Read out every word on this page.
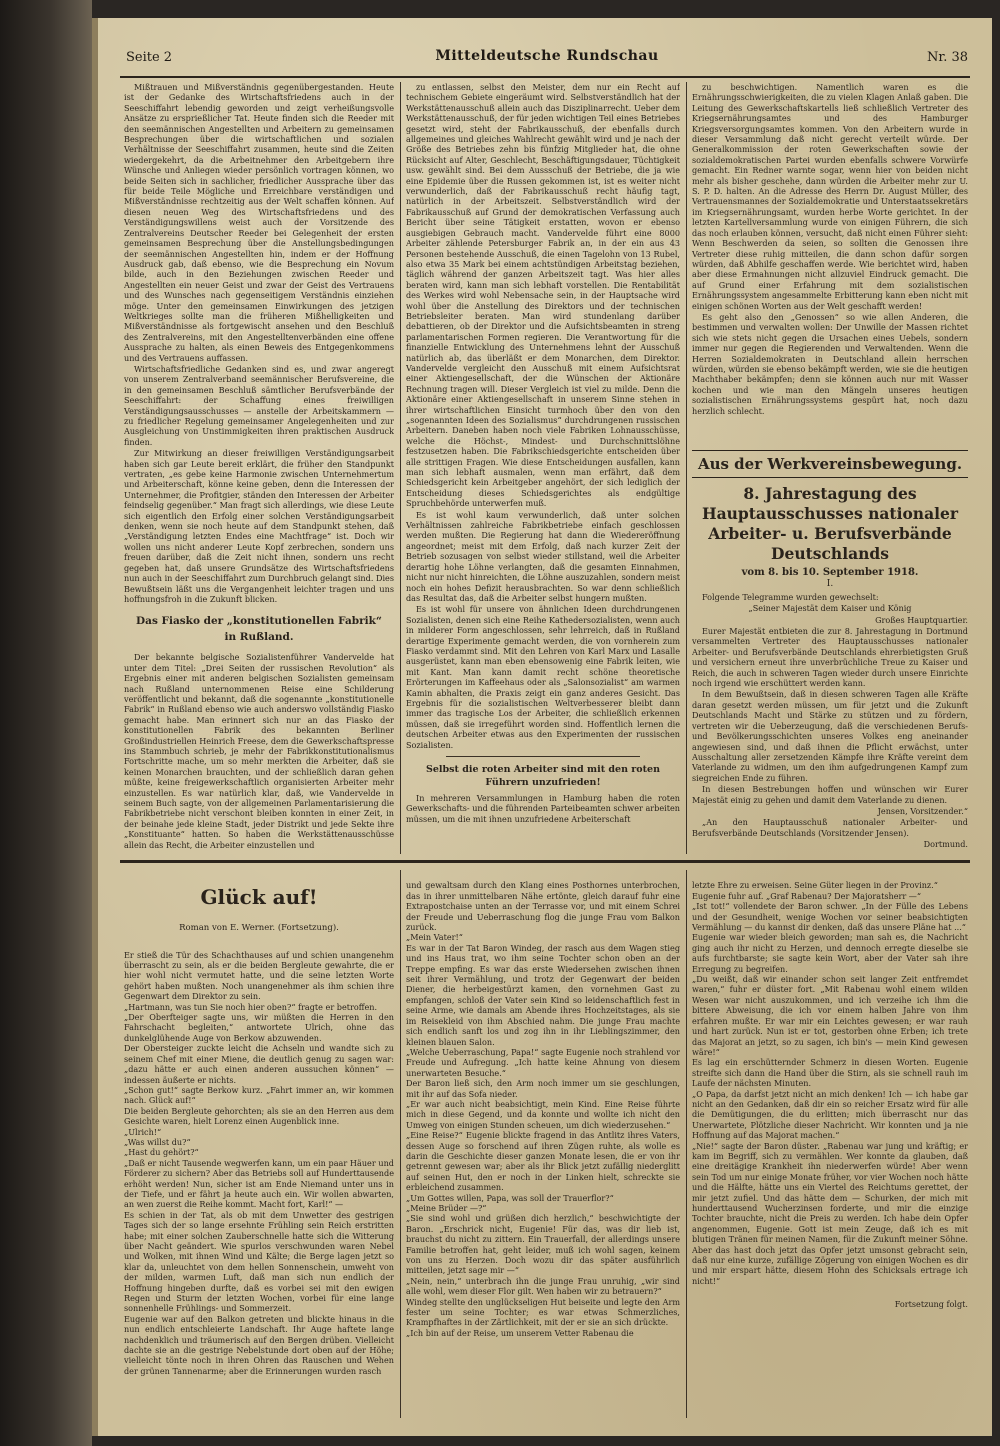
Seite 2	Mitteldeutsche Rundschau	Nr. 38

Mißtrauen und Mißverständnis gegenübergestanden. Heute ist der Gedanke des Wirtschaftsfriedens auch in der Seeschiffahrt lebendig geworden und zeigt verheißungsvolle Ansätze zu ersprießlicher Tat. Heute finden sich die Reeder mit den seemännischen Angestellten und Arbeitern zu gemeinsamen Besprechungen über die wirtschaftlichen und sozialen Verhältnisse der Seeschiffahrt zusammen, heute sind die Zeiten wiedergekehrt, da die Arbeitnehmer den Arbeitgebern ihre Wünsche und Anliegen wieder persönlich vortragen können, wo beide Seiten sich in sachlicher, friedlicher Aussprache über das für beide Teile Mögliche und Erreichbare verständigen und Mißverständnisse rechtzeitig aus der Welt schaffen können. Auf diesen neuen Weg des Wirtschaftsfriedens und des Verständigungswillens weist auch der Vorsitzende des Zentralvereins Deutscher Reeder bei Gelegenheit der ersten gemeinsamen Besprechung über die Anstellungsbedingungen der seemännischen Angestellten hin, indem er der Hoffnung Ausdruck gab, daß ebenso, wie die Besprechung ein Novum bilde, auch in den Beziehungen zwischen Reeder und Angestellten ein neuer Geist und zwar der Geist des Vertrauens und des Wunsches nach gegenseitigem Verständnis einziehen möge. Unter den gemeinsamen Einwirkungen des jetzigen Weltkrieges sollte man die früheren Mißhelligkeiten und Mißverständnisse als fortgewischt ansehen und den Beschluß des Zentralvereins, mit den Angestelltenverbänden eine offene Aussprache zu halten, als einen Beweis des Entgegenkommens und des Vertrauens auffassen.

Wirtschaftsfriedliche Gedanken sind es, und zwar angeregt von unserem Zentralverband seemännischer Berufsvereine, die in den gemeinsamen Beschluß sämtlicher Berufsverbände der Seeschiffahrt: der Schaffung eines freiwilligen Verständigungsausschusses — anstelle der Arbeitskammern — zu friedlicher Regelung gemeinsamer Angelegenheiten und zur Ausgleichung von Unstimmigkeiten ihren praktischen Ausdruck finden.

Zur Mitwirkung an dieser freiwilligen Verständigungsarbeit haben sich gar Leute bereit erklärt, die früher den Standpunkt vertraten, „es gebe keine Harmonie zwischen Unternehmertum und Arbeiterschaft, könne keine geben, denn die Interessen der Unternehmer, die Profitgier, ständen den Interessen der Arbeiter feindselig gegenüber.“ Man fragt sich allerdings, wie diese Leute sich eigentlich den Erfolg einer solchen Verständigungsarbeit denken, wenn sie noch heute auf dem Standpunkt stehen, daß „Verständigung letzten Endes eine Machtfrage“ ist. Doch wir wollen uns nicht anderer Leute Kopf zerbrechen, sondern uns freuen darüber, daß die Zeit nicht ihnen, sondern uns recht gegeben hat, daß unsere Grundsätze des Wirtschaftsfriedens nun auch in der Seeschiffahrt zum Durchbruch gelangt sind. Dies Bewußtsein läßt uns die Vergangenheit leichter tragen und uns hoffnungsfroh in die Zukunft blicken.

Das Fiasko der „konstitutionellen Fabrik“
in Rußland.

Der bekannte belgische Sozialistenführer Vandervelde hat unter dem Titel: „Drei Seiten der russischen Revolution“ als Ergebnis einer mit anderen belgischen Sozialisten gemeinsam nach Rußland unternommenen Reise eine Schilderung veröffentlicht und bekannt, daß die sogenannte „konstitutionelle Fabrik“ in Rußland ebenso wie auch anderswo vollständig Fiasko gemacht habe. Man erinnert sich nur an das Fiasko der konstitutionellen Fabrik des bekannten Berliner Großindustriellen Heinrich Freese, dem die Gewerkschaftspresse ins Stammbuch schrieb, je mehr der Fabrikkonstitutionalismus Fortschritte mache, um so mehr merkten die Arbeiter, daß sie keinen Monarchen brauchten, und der schließlich daran gehen müßte, keine freigewerkschaftlich organisierten Arbeiter mehr einzustellen. Es war natürlich klar, daß, wie Vandervelde in seinem Buch sagte, von der allgemeinen Parlamentarisierung die Fabrikbetriebe nicht verschont bleiben konnten in einer Zeit, in der beinahe jede kleine Stadt, jeder Distrikt und jede Sekte ihre „Konstituante“ hatten. So haben die Werkstättenausschüsse allein das Recht, die Arbeiter einzustellen und

zu entlassen, selbst den Meister, dem nur ein Recht auf technischem Gebiete eingeräumt wird. Selbstverständlich hat der Werkstättenausschuß allein auch das Disziplinarrecht. Ueber dem Werkstättenausschuß, der für jeden wichtigen Teil eines Betriebes gesetzt wird, steht der Fabrikausschuß, der ebenfalls durch allgemeines und gleiches Wahlrecht gewählt wird und je nach der Größe des Betriebes zehn bis fünfzig Mitglieder hat, die ohne Rücksicht auf Alter, Geschlecht, Beschäftigungsdauer, Tüchtigkeit usw. gewählt sind. Bei dem Aussschuß der Betriebe, die ja wie eine Epidemie über die Russen gekommen ist, ist es weiter nicht verwunderlich, daß der Fabrikausschuß recht häufig tagt, natürlich in der Arbeitszeit. Selbstverständlich wird der Fabrikausschuß auf Grund der demokratischen Verfassung auch Bericht über seine Tätigkeit erstatten, wovon er ebenso ausgiebigen Gebrauch macht. Vandervelde führt eine 8000 Arbeiter zählende Petersburger Fabrik an, in der ein aus 43 Personen bestehende Ausschuß, die einen Tagelohn von 13 Rubel, also etwa 35 Mark bei einem achtstündigen Arbeitstag beziehen, täglich während der ganzen Arbeitszeit tagt. Was hier alles beraten wird, kann man sich lebhaft vorstellen. Die Rentabilität des Werkes wird wohl Nebensache sein, in der Hauptsache wird wohl über die Anstellung des Direktors und der technischen Betriebsleiter beraten. Man wird stundenlang darüber debattieren, ob der Direktor und die Aufsichtsbeamten in streng parlamentarischen Formen regieren. Die Verantwortung für die finanzielle Entwicklung des Unternehmens lehnt der Ausschuß natürlich ab, das überläßt er dem Monarchen, dem Direktor. Vandervelde vergleicht den Ausschuß mit einem Aufsichtsrat einer Aktiengesellschaft, der die Wünschen der Aktionäre Rechnung tragen will. Dieser Vergleich ist viel zu milde. Denn die Aktionäre einer Aktiengesellschaft in unserem Sinne stehen in ihrer wirtschaftlichen Einsicht turmhoch über den von den „sogenannten Ideen des Sozialismus“ durchdrungenen russischen Arbeitern. Daneben haben noch viele Fabriken Lohnausschüsse, welche die Höchst-, Mindest- und Durchschnittslöhne festzusetzen haben. Die Fabrikschiedsgerichte entscheiden über alle strittigen Fragen. Wie diese Entscheidungen ausfallen, kann man sich lebhaft ausmalen, wenn man erfährt, daß dem Schiedsgericht kein Arbeitgeber angehört, der sich lediglich der Entscheidung dieses Schiedsgerichtes als endgültige Spruchbehörde unterwerfen muß.

Es ist wohl kaum verwunderlich, daß unter solchen Verhältnissen zahlreiche Fabrikbetriebe einfach geschlossen werden mußten. Die Regierung hat dann die Wiedereröffnung angeordnet; meist mit dem Erfolg, daß nach kurzer Zeit der Betrieb sozusagen von selbst wieder stillstand, weil die Arbeiter derartig hohe Löhne verlangten, daß die gesamten Einnahmen, nicht nur nicht hinreichten, die Löhne auszuzahlen, sondern meist noch ein hohes Defizit herausbrachten. So war denn schließlich das Resultat das, daß die Arbeiter selbst hungern mußten.

Es ist wohl für unsere von ähnlichen Ideen durchdrungenen Sozialisten, denen sich eine Reihe Kathedersozialisten, wenn auch in milderer Form angeschlossen, sehr lehrreich, daß in Rußland derartige Experimente gemacht werden, die von vornherein zum Fiasko verdammt sind. Mit den Lehren von Karl Marx und Lasalle ausgerüstet, kann man eben ebensowenig eine Fabrik leiten, wie mit Kant. Man kann damit recht schöne theoretische Erörterungen im Kaffeehaus oder als „Salonsozialist“ am warmen Kamin abhalten, die Praxis zeigt ein ganz anderes Gesicht. Das Ergebnis für die sozialistischen Weltverbesserer bleibt dann immer das tragische Los der Arbeiter, die schließlich erkennen müssen, daß sie irregeführt worden sind. Hoffentlich lernen die deutschen Arbeiter etwas aus den Experimenten der russischen Sozialisten.

Selbst die roten Arbeiter sind mit den roten Führern unzufrieden!

In mehreren Versammlungen in Hamburg haben die roten Gewerkschafts- und die führenden Parteibeamten schwer arbeiten müssen, um die mit ihnen unzufriedene Arbeiterschaft

zu beschwichtigen. Namentlich waren es die Ernährungsschwierigkeiten, die zu vielen Klagen Anlaß gaben. Die Leitung des Gewerkschaftskartells ließ schließlich Vertreter des Kriegsernährungsamtes und des Hamburger Kriegsversorgungsamtes kommen. Von den Arbeitern wurde in dieser Versammlung daß nicht gerecht verteilt würde. Der Generalkommission der roten Gewerkschaften sowie der sozialdemokratischen Partei wurden ebenfalls schwere Vorwürfe gemacht. Ein Redner warnte sogar, wenn hier von beiden nicht mehr als bisher geschehe, dann würden die Arbeiter mehr zur U. S. P. D. halten. An die Adresse des Herrn Dr. August Müller, des Vertrauensmannes der Sozialdemokratie und Unterstaatssekretärs im Kriegsernährungsamt, wurden herbe Worte gerichtet. In der letzten Kartellversammlung wurde von einigen Führern, die sich das noch erlauben können, versucht, daß nicht einen Führer sieht: Wenn Beschwerden da seien, so sollten die Genossen ihre Vertreter diese ruhig mitteilen, die dann schon dafür sorgen würden, daß Abhilfe geschaffen werde. Wie berichtet wird, haben aber diese Ermahnungen nicht allzuviel Eindruck gemacht. Die auf Grund einer Erfahrung mit dem sozialistischen Ernährungssystem angesammelte Erbitterung kann eben nicht mit einigen schönen Worten aus der Welt geschafft werden!

Es geht also den „Genossen“ so wie allen Anderen, die bestimmen und verwalten wollen: Der Unwille der Massen richtet sich wie stets nicht gegen die Ursachen eines Uebels, sondern immer nur gegen die Regierenden und Verwaltenden. Wenn die Herren Sozialdemokraten in Deutschland allein herrschen würden, würden sie ebenso bekämpft werden, wie sie die heutigen Machthaber bekämpfen; denn sie können auch nur mit Wasser kochen und wie man den Mängeln unseres heutigen sozialistischen Ernährungssystems gespürt hat, noch dazu herzlich schlecht.

Aus der Werkvereinsbewegung.
8. Jahrestagung des Hauptausschusses nationaler Arbeiter- u. Berufsverbände Deutschlands
vom 8. bis 10. September 1918.
I.

Folgende Telegramme wurden gewechselt:

„Seiner Majestät dem Kaiser und König

Großes Hauptquartier.

Eurer Majestät entbieten die zur 8. Jahrestagung in Dortmund versammelten Vertreter des Hauptausschusses nationaler Arbeiter- und Berufsverbände Deutschlands ehrerbietigsten Gruß und versichern erneut ihre unverbrüchliche Treue zu Kaiser und Reich, die auch in schweren Tagen wieder durch unsere Einrichte noch irgend wie erschüttert werden kann.

In dem Bewußtsein, daß in diesen schweren Tagen alle Kräfte daran gesetzt werden müssen, um für jetzt und die Zukunft Deutschlands Macht und Stärke zu stützen und zu fördern, vertreten wir die Ueberzeugung, daß die verschiedenen Berufs- und Bevölkerungsschichten unseres Volkes eng aneinander angewiesen sind, und daß ihnen die Pflicht erwächst, unter Ausschaltung aller zersetzenden Kämpfe ihre Kräfte vereint dem Vaterlande zu widmen, um den ihm aufgedrungenen Kampf zum siegreichen Ende zu führen.

In diesen Bestrebungen hoffen und wünschen wir Eurer Majestät einig zu gehen und damit dem Vaterlande zu dienen.

Jensen, Vorsitzender.“

„An den Hauptausschuß nationaler Arbeiter- und Berufsverbände Deutschlands (Vorsitzender Jensen).

Dortmund.

Glück auf!

Roman von E. Werner. (Fortsetzung).

Er stieß die Tür des Schachthauses auf und schien unangenehm überrascht zu sein, als er die beiden Bergleute gewahrte, die er hier wohl nicht vermutet hatte, und die seine letzten Worte gehört haben mußten. Noch unangenehmer als ihm schien ihre Gegenwart dem Direktor zu sein.
„Hartmann, was tun Sie noch hier oben?“ fragte er betroffen.
„Der Oberfteiger sagte uns, wir müßten die Herren in den Fahrschacht begleiten,“ antwortete Ulrich, ohne das dunkelglühende Auge von Berkow abzuwenden.
Der Obersteiger zuckte leicht die Achseln und wandte sich zu seinem Chef mit einer Miene, die deutlich genug zu sagen war: „dazu hätte er auch einen anderen aussuchen können“ — indessen äußerte er nichts.
„Schon gut!“ sagte Berkow kurz. „Fahrt immer an, wir kommen nach. Glück auf!“
Die beiden Bergleute gehorchten; als sie an den Herren aus dem Gesichte waren, hielt Lorenz einen Augenblick inne.
„Ulrich!“
„Was willst du?“
„Hast du gehört?“
„Daß er nicht Tausende wegwerfen kann, um ein paar Häuer und Förderer zu sichern? Aber das Betriebs soll auf Hunderttausende erhöht werden! Nun, sicher ist am Ende Niemand unter uns in der Tiefe, und er fährt ja heute auch ein. Wir wollen abwarten, an wen zuerst die Reihe kommt. Macht fort, Karl!“ —
Es schien in der Tat, als ob mit dem Unwetter des gestrigen Tages sich der so lange ersehnte Frühling sein Reich erstritten habe; mit einer solchen Zauberschnelle hatte sich die Witterung über Nacht geändert. Wie spurlos verschwunden waren Nebel und Wolken, mit ihnen Wind und Kälte; die Berge lagen jetzt so klar da, unleuchtet von dem hellen Sonnenschein, umweht von der milden, warmen Luft, daß man sich nun endlich der Hoffnung hingeben durfte, daß es vorbei sei mit den ewigen Regen und Sturm der letzten Wochen, vorbei für eine lange sonnenhelle Frühlings- und Sommerzeit.
Eugenie war auf den Balkon getreten und blickte hinaus in die nun endlich entschleierte Landschaft. Ihr Auge haftete lange nachdenklich und träumerisch auf den Bergen drüben. Vielleicht dachte sie an die gestrige Nebelstunde dort oben auf der Höhe; vielleicht tönte noch in ihren Ohren das Rauschen und Wehen der grünen Tannenarme; aber die Erinnerungen wurden rasch

und gewaltsam durch den Klang eines Posthornes unterbrochen, das in ihrer unmittelbaren Nähe ertönte, gleich darauf fuhr eine Extrapostchaise unten an der Terrasse vor, und mit einem Schrei der Freude und Ueberraschung flog die junge Frau vom Balkon zurück.
„Mein Vater!“
Es war in der Tat Baron Windeg, der rasch aus dem Wagen stieg und ins Haus trat, wo ihm seine Tochter schon oben an der Treppe empfing. Es war das erste Wiedersehen zwischen ihnen seit ihrer Vermählung, und trotz der Gegenwart der beiden Diener, die herbeigestürzt kamen, den vornehmen Gast zu empfangen, schloß der Vater sein Kind so leidenschaftlich fest in seine Arme, wie damals am Abende ihres Hochzeitstages, als sie im Reisekleid von ihm Abschied nahm. Die junge Frau machte sich endlich sanft los und zog ihn in ihr Lieblingszimmer, den kleinen blauen Salon.
„Welche Ueberraschung, Papa!“ sagte Eugenie noch strahlend vor Freude und Aufregung. „Ich hatte keine Ahnung von diesem unerwarteten Besuche.“
Der Baron ließ sich, den Arm noch immer um sie geschlungen, mit ihr auf das Sofa nieder.
„Er war auch nicht beabsichtigt, mein Kind. Eine Reise führte mich in diese Gegend, und da konnte und wollte ich nicht den Umweg von einigen Stunden scheuen, um dich wiederzusehen.“
„Eine Reise?“ Eugenie blickte fragend in das Antlitz ihres Vaters, dessen Auge so forschend auf ihren Zügen ruhte, als wolle es darin die Geschichte dieser ganzen Monate lesen, die er von ihr getrennt gewesen war; aber als ihr Blick jetzt zufällig niederglitt auf seinen Hut, den er noch in der Linken hielt, schreckte sie erbleichend zusammen.
„Um Gottes willen, Papa, was soll der Trauerflor?“
„Meine Brüder —?“
„Sie sind wohl und grüßen dich herzlich,“ beschwichtigte der Baron. „Erschrick nicht, Eugenie! Für das, was dir lieb ist, brauchst du nicht zu zittern. Ein Trauerfall, der allerdings unsere Familie betroffen hat, geht leider, muß ich wohl sagen, keinem von uns zu Herzen. Doch wozu dir das später ausführlich mitteilen, jetzt sage mir —“
„Nein, nein,“ unterbrach ihn die junge Frau unruhig, „wir sind alle wohl, wem dieser Flor gilt. Wen haben wir zu betrauern?“
Windeg stellte den unglückseligen Hut beiseite und legte den Arm fester um seine Tochter; es war etwas Schmerzliches, Krampfhaftes in der Zärtlichkeit, mit der er sie an sich drückte.
„Ich bin auf der Reise, um unserem Vetter Rabenau die

letzte Ehre zu erweisen. Seine Güter liegen in der Provinz.“
Eugenie fuhr auf. „Graf Rabenau? Der Majoratsherr —“
„Ist tot!“ vollendete der Baron schwer. „In der Fülle des Lebens und der Gesundheit, wenige Wochen vor seiner beabsichtigten Vermählung — du kannst dir denken, daß das unsere Pläne hat ...“
Eugenie war wieder bleich geworden; man sah es, die Nachricht ging auch ihr nicht zu Herzen, und dennoch erregte dieselbe sie aufs furchtbarste; sie sagte kein Wort, aber der Vater sah ihre Erregung zu begreifen.
„Du weißt, daß wir einander schon seit langer Zeit entfremdet waren,“ fuhr er düster fort. „Mit Rabenau wohl einem wilden Wesen war nicht auszukommen, und ich verzeihe ich ihm die bittere Abweisung, die ich vor einem halben Jahre von ihm erfahren mußte. Er war mir ein Leichtes gewesen; er war rauh und hart zurück. Nun ist er tot, gestorben ohne Erben; ich trete das Majorat an jetzt, so zu sagen, ich bin's — mein Kind gewesen wäre!“
Es lag ein erschütternder Schmerz in diesen Worten. Eugenie streifte sich dann die Hand über die Stirn, als sie schnell rauh im Laufe der nächsten Minuten.
„O Papa, da darfst jetzt nicht an mich denken! Ich — ich habe gar nicht an den Gedanken, daß dir ein so reicher Ersatz wird für alle die Demütigungen, die du erlitten; mich überrascht nur das Unerwartete, Plötzliche dieser Nachricht. Wir konnten und ja nie Hoffnung auf das Majorat machen.“
„Nie!“ sagte der Baron düster. „Rabenau war jung und kräftig; er kam im Begriff, sich zu vermählen. Wer konnte da glauben, daß eine dreitägige Krankheit ihn niederwerfen würde! Aber wenn sein Tod um nur einige Monate früher, vor vier Wochen noch hätte und die Hälfte, hätte uns ein Viertel des Reichtums gerettet, der mir jetzt zufiel. Und das hätte dem — Schurken, der mich mit hunderttausend Wucherzinsen forderte, und mir die einzige Tochter brauchte, nicht die Preis zu werden. Ich habe dein Opfer angenommen, Eugenie. Gott ist mein Zeuge, daß ich es mit blutigen Tränen für meinen Namen, für die Zukunft meiner Söhne. Aber das hast doch jetzt das Opfer jetzt umsonst gebracht sein, daß nur eine kurze, zufällige Zögerung von einigen Wochen es dir und mir erspart hätte, diesem Hohn des Schicksals ertrage ich nicht!“

Fortsetzung folgt.
